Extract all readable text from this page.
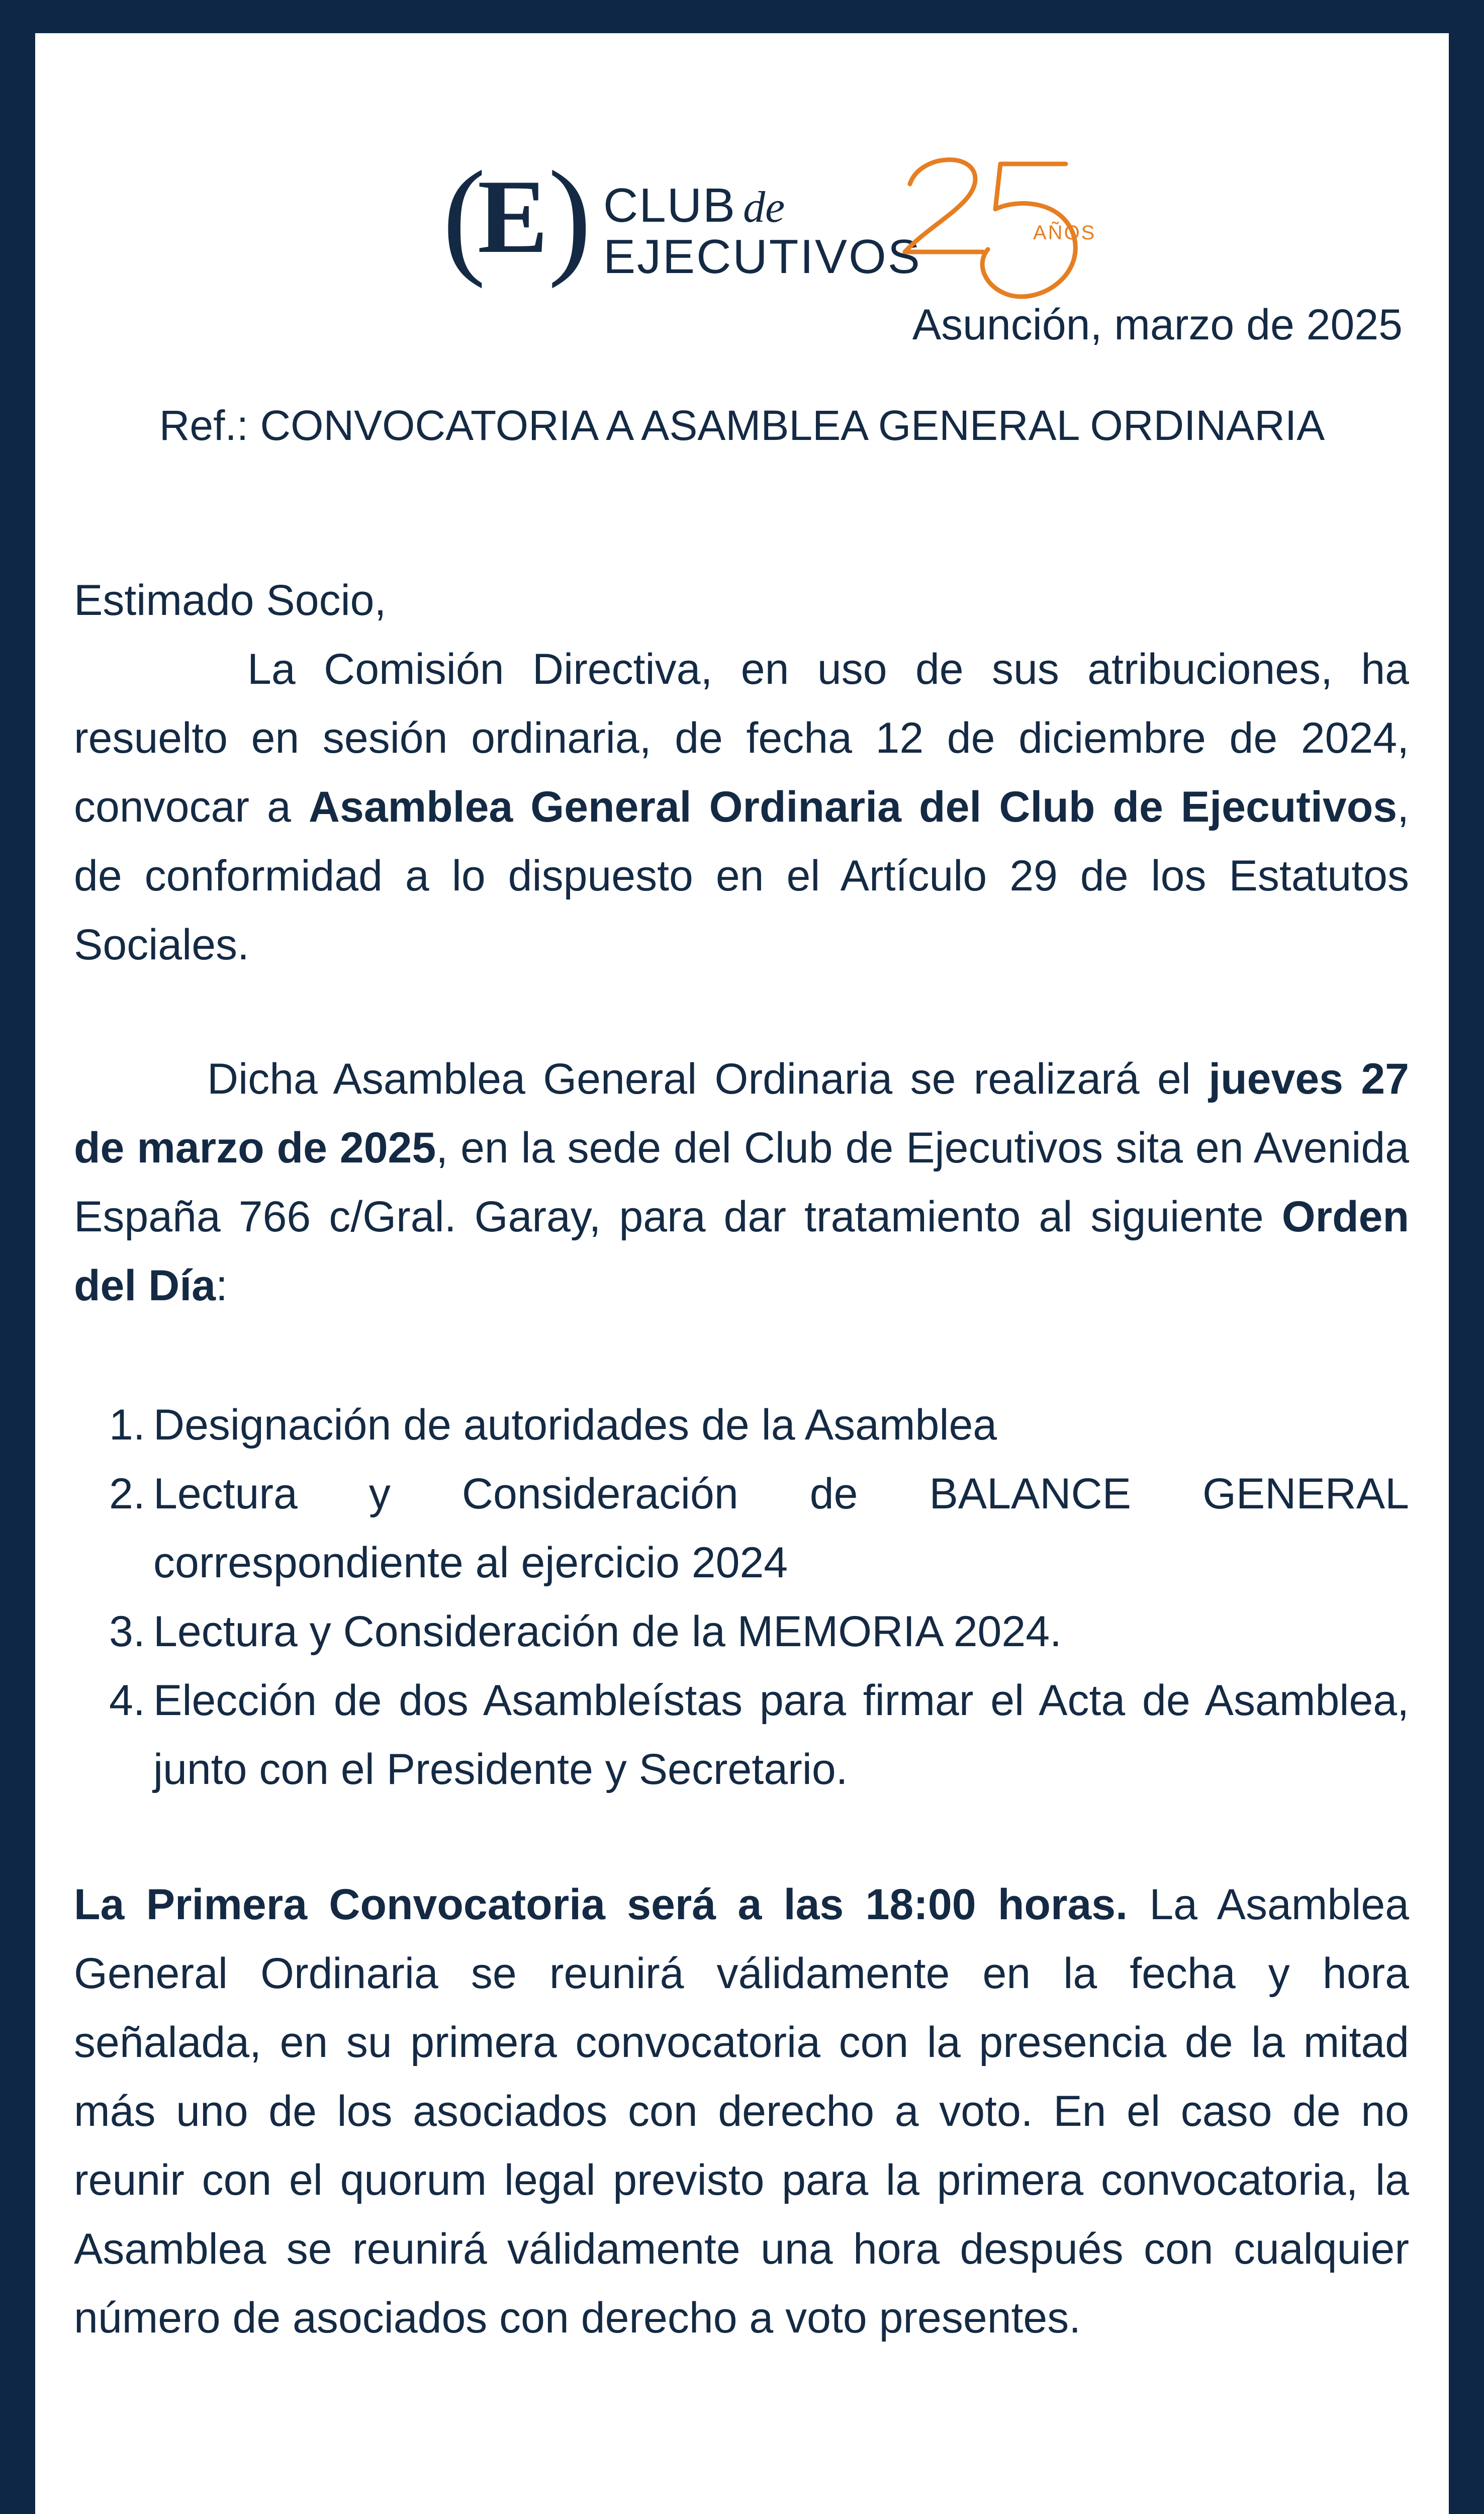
(
E ) CLUB de
EJECUTIVOS	AÑOS
Asunción, marzo de 2025
Ref.: CONVOCATORIA A ASAMBLEA GENERAL ORDINARIA
Estimado Socio,
La Comisión Directiva, en uso de sus atribuciones, ha resuelto en sesión ordinaria, de fecha 12 de diciembre de 2024, convocar a Asamblea General Ordinaria del Club de Ejecutivos, de conformidad a lo dispuesto en el Artículo 29 de los Estatutos Sociales.
Dicha Asamblea General Ordinaria se realizará el jueves 27 de marzo de 2025, en la sede del Club de Ejecutivos sita en Avenida España 766 c/Gral. Garay, para dar tratamiento al siguiente Orden del Día:
1. Designación de autoridades de la Asamblea
2. Lectura y Consideración de BALANCE GENERAL correspondiente al ejercicio 2024
3. Lectura y Consideración de la MEMORIA 2024.
4. Elección de dos Asambleístas para firmar el Acta de Asamblea, junto con el Presidente y Secretario.
La Primera Convocatoria será a las 18:00 horas. La Asamblea General Ordinaria se reunirá válidamente en la fecha y hora señalada, en su primera convocatoria con la presencia de la mitad más uno de los asociados con derecho a voto. En el caso de no reunir con el quorum legal previsto para la primera convocatoria, la Asamblea se reunirá válidamente una hora después con cualquier número de asociados con derecho a voto presentes.
